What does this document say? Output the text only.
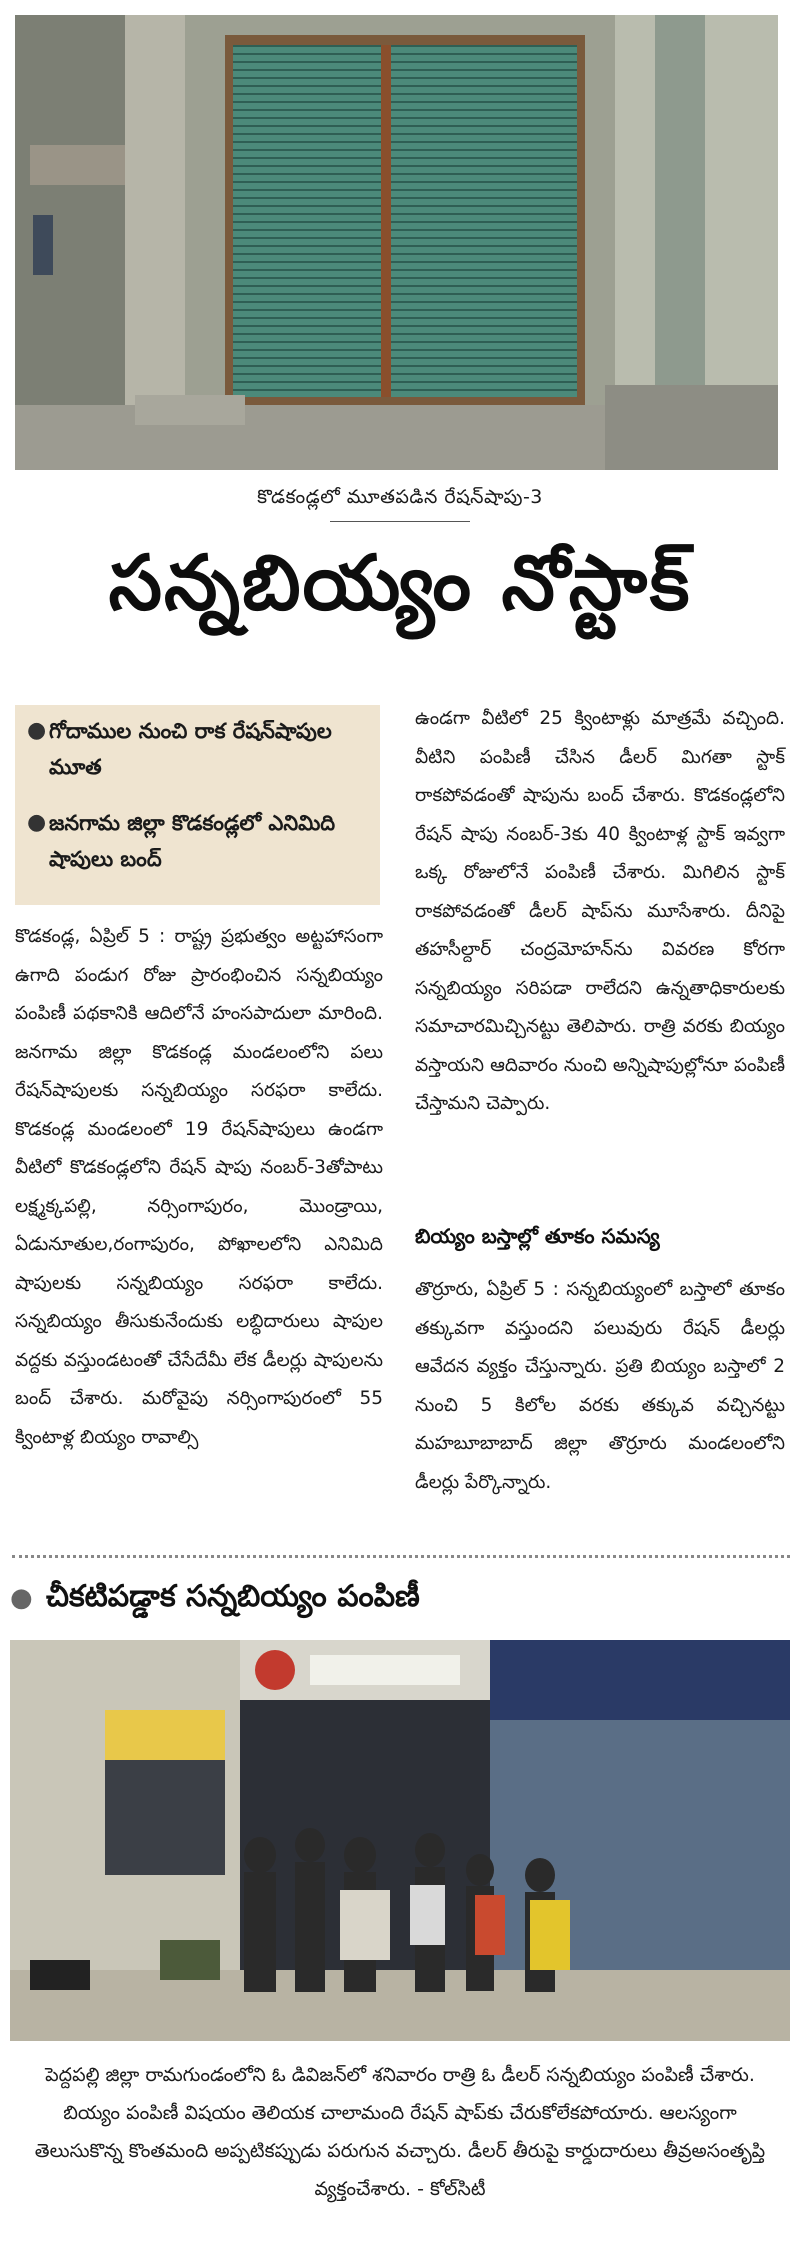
కొడకండ్లలో మూతపడిన రేషన్‌షాపు-3
సన్నబియ్యం నోస్టాక్
● గోదాముల నుంచి రాక రేషన్‌షాపుల మూత
● జనగామ జిల్లా కొడకండ్లలో ఎనిమిది షాపులు బంద్

కొడకండ్ల, ఏప్రిల్‌ 5 : రాష్ట్ర ప్రభుత్వం అట్టహాసంగా ఉగాది పండుగ రోజు ప్రారంభించిన సన్నబియ్యం పంపిణీ పథకానికి ఆదిలోనే హంసపాదులా మారింది. జనగామ జిల్లా కొడకండ్ల మండలంలోని పలు రేషన్‌షాపులకు సన్నబియ్యం సరఫరా కాలేదు. కొడకండ్ల మండలంలో 19 రేషన్‌షాపులు ఉండగా వీటిలో కొడకండ్లలోని రేషన్‌ షాపు నంబర్‌-3తోపాటు లక్ష్మక్కపల్లి, నర్సింగాపురం, మొండ్రాయి, ఏడునూతుల,రంగాపురం, పోఖాలలోని ఎనిమిది షాపులకు సన్నబియ్యం సరఫరా కాలేదు. సన్నబియ్యం తీసుకునేందుకు లబ్ధిదారులు షాపుల వద్దకు వస్తుండటంతో చేసేదేమీ లేక డీలర్లు షాపులను బంద్‌ చేశారు. మరోవైపు నర్సింగాపురంలో 55 క్వింటాళ్ల బియ్యం రావాల్సి

ఉండగా వీటిలో 25 క్వింటాళ్లు మాత్రమే వచ్చింది. వీటిని పంపిణీ చేసిన డీలర్‌ మిగతా స్టాక్‌ రాకపోవడంతో షాపును బంద్‌ చేశారు. కొడకండ్లలోని రేషన్‌ షాపు నంబర్‌-3కు 40 క్వింటాళ్ల స్టాక్‌ ఇవ్వగా ఒక్క రోజులోనే పంపిణీ చేశారు. మిగిలిన స్టాక్‌ రాకపోవడంతో డీలర్‌ షాప్‌ను మూసేశారు. దీనిపై తహసీల్దార్‌ చంద్రమోహన్‌ను వివరణ కోరగా సన్నబియ్యం సరిపడా రాలేదని ఉన్నతాధికారులకు సమాచారమిచ్చినట్టు తెలిపారు. రాత్రి వరకు బియ్యం వస్తాయని ఆదివారం నుంచి అన్నిషాపుల్లోనూ పంపిణీ చేస్తామని చెప్పారు.

బియ్యం బస్తాల్లో తూకం సమస్య

తొర్రూరు, ఏప్రిల్‌ 5 : సన్నబియ్యంలో బస్తాలో తూకం తక్కువగా వస్తుందని పలువురు రేషన్‌ డీలర్లు ఆవేదన వ్యక్తం చేస్తున్నారు. ప్రతి బియ్యం బస్తాలో 2 నుంచి 5 కిలోల వరకు తక్కువ వచ్చినట్టు మహబూబాబాద్‌ జిల్లా తొర్రూరు మండలంలోని డీలర్లు పేర్కొన్నారు.

● చీకటిపడ్డాక సన్నబియ్యం పంపిణీ
పెద్దపల్లి జిల్లా రామగుండంలోని ఓ డివిజన్‌లో శనివారం రాత్రి ఓ డీలర్‌ సన్నబియ్యం పంపిణీ చేశారు. బియ్యం పంపిణీ విషయం తెలియక చాలామంది రేషన్‌ షాప్‌కు చేరుకోలేకపోయారు. ఆలస్యంగా తెలుసుకొన్న కొంతమంది అప్పటికప్పుడు పరుగున వచ్చారు. డీలర్‌ తీరుపై కార్డుదారులు తీవ్రఅసంతృప్తి వ్యక్తంచేశారు. - కోల్‌సిటీ
